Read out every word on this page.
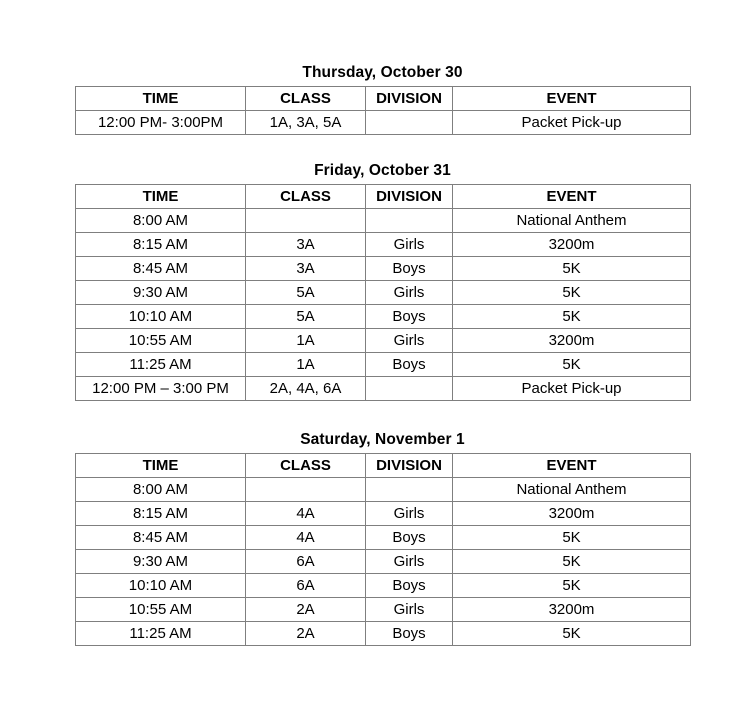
Thursday, October 30
TIME	CLASS	DIVISION	EVENT
12:00 PM- 3:00PM	1A, 3A, 5A		Packet Pick-up
Friday, October 31
TIME	CLASS	DIVISION	EVENT
8:00 AM			National Anthem
8:15 AM	3A	Girls	3200m
8:45 AM	3A	Boys	5K
9:30 AM	5A	Girls	5K
10:10 AM	5A	Boys	5K
10:55 AM	1A	Girls	3200m
11:25 AM	1A	Boys	5K
12:00 PM – 3:00 PM	2A, 4A, 6A		Packet Pick-up
Saturday, November 1
TIME	CLASS	DIVISION	EVENT
8:00 AM			National Anthem
8:15 AM	4A	Girls	3200m
8:45 AM	4A	Boys	5K
9:30 AM	6A	Girls	5K
10:10 AM	6A	Boys	5K
10:55 AM	2A	Girls	3200m
11:25 AM	2A	Boys	5K
